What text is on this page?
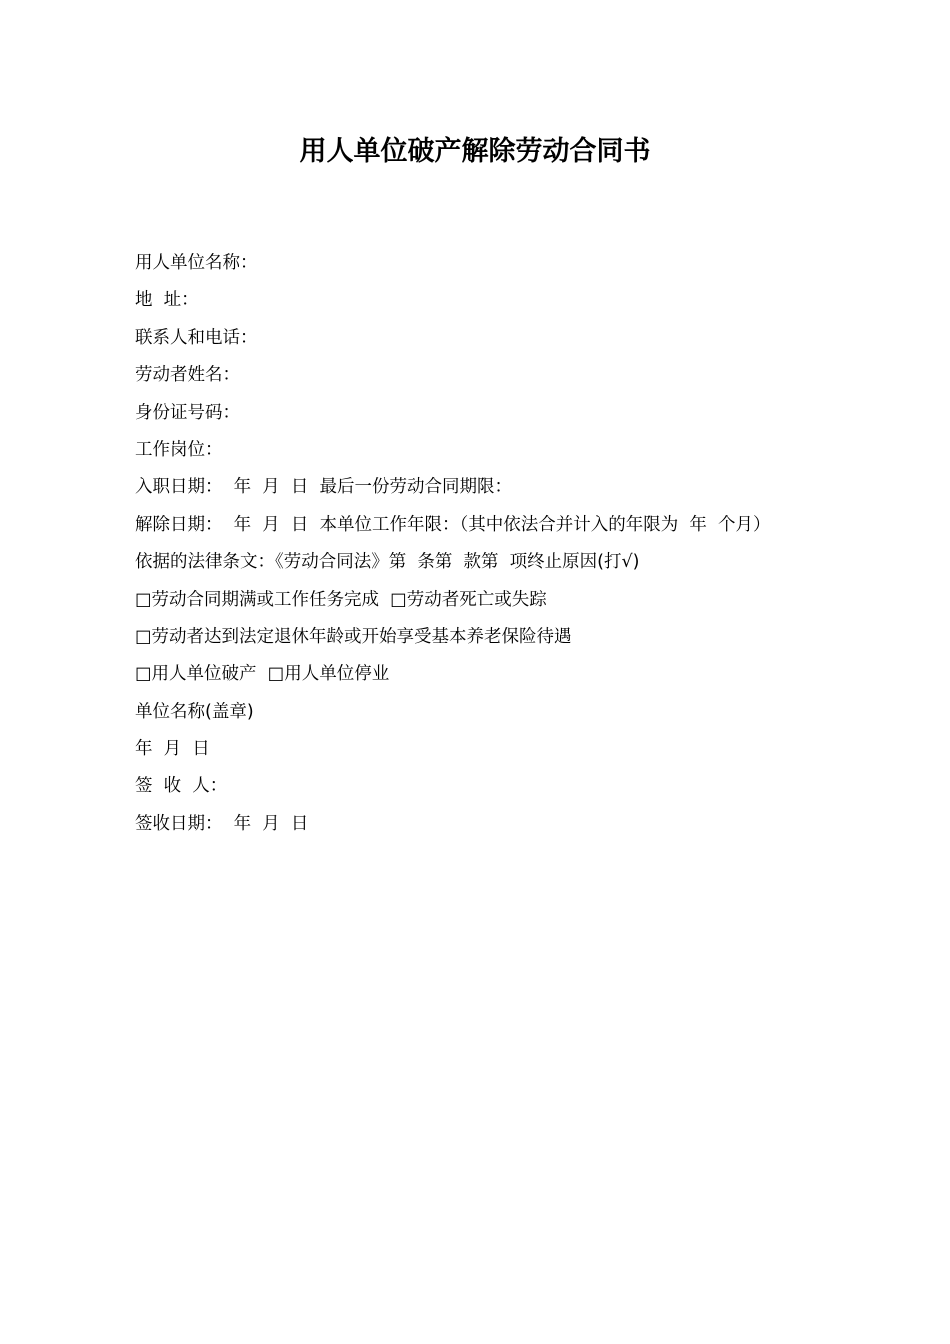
用人单位破产解除劳动合同书
用人单位名称：
地  址：
联系人和电话：
劳动者姓名：
身份证号码：
工作岗位：
入职日期：  年  月  日  最后一份劳动合同期限：
解除日期：  年  月  日  本单位工作年限：（其中依法合并计入的年限为  年  个月）
依据的法律条文：《劳动合同法》第  条第  款第  项终止原因(打√)
□劳动合同期满或工作任务完成  □劳动者死亡或失踪
□劳动者达到法定退休年龄或开始享受基本养老保险待遇
□用人单位破产  □用人单位停业
单位名称(盖章)
年  月  日
签  收  人：
签收日期：  年  月  日
